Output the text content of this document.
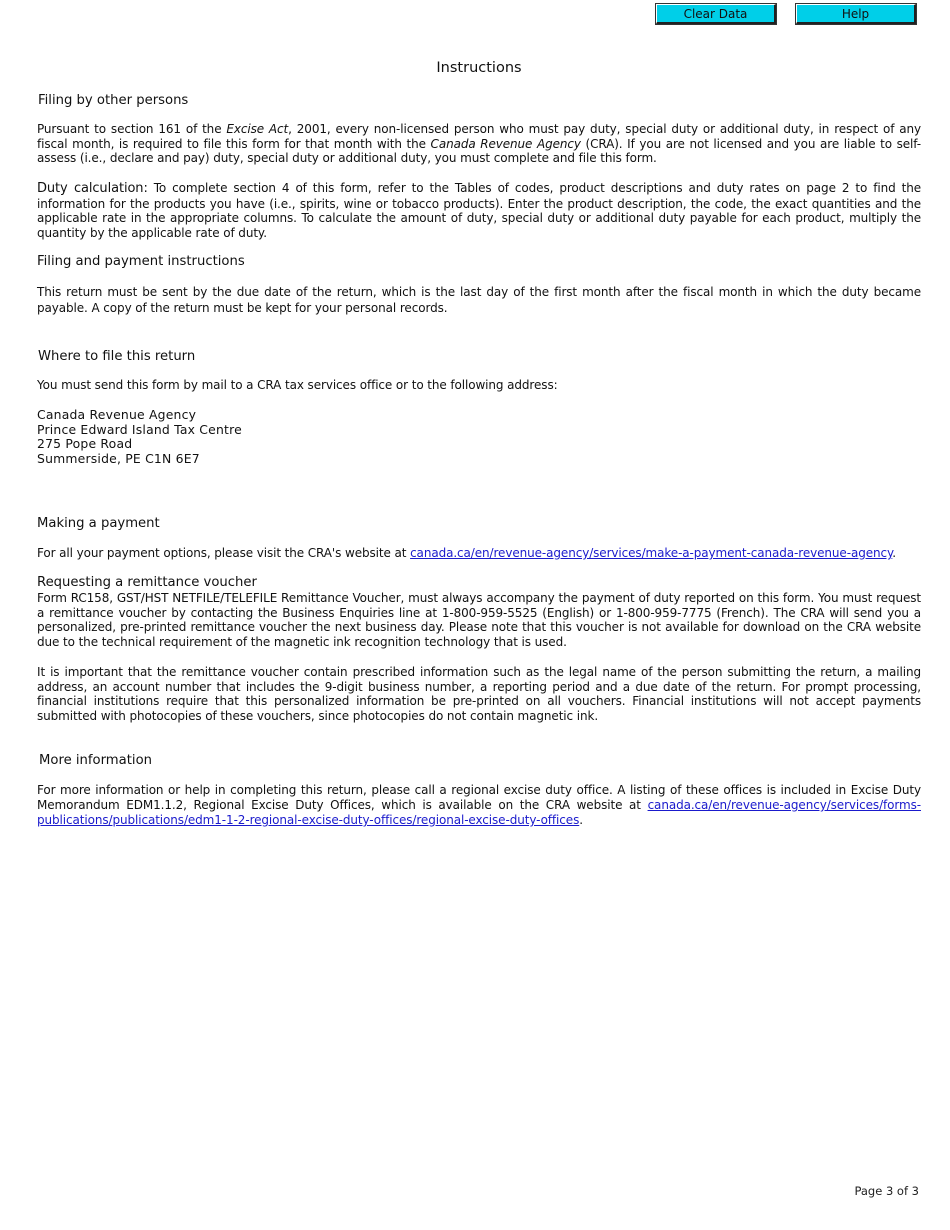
Clear Data	Help
Instructions
Filing by other persons

Pursuant to section 161 of the Excise Act, 2001, every non-licensed person who must pay duty, special duty or additional duty, in respect of any fiscal month, is required to file this form for that month with the Canada Revenue Agency (CRA). If you are not licensed and you are liable to self-assess (i.e., declare and pay) duty, special duty or additional duty, you must complete and file this form.

Duty calculation: To complete section 4 of this form, refer to the Tables of codes, product descriptions and duty rates on page 2 to find the information for the products you have (i.e., spirits, wine or tobacco products). Enter the product description, the code, the exact quantities and the applicable rate in the appropriate columns. To calculate the amount of duty, special duty or additional duty payable for each product, multiply the quantity by the applicable rate of duty.

Filing and payment instructions

This return must be sent by the due date of the return, which is the last day of the first month after the fiscal month in which the duty became payable. A copy of the return must be kept for your personal records.

Where to file this return

You must send this form by mail to a CRA tax services office or to the following address:

Canada Revenue Agency
Prince Edward Island Tax Centre
275 Pope Road
Summerside, PE C1N 6E7
Making a payment

For all your payment options, please visit the CRA's website at canada.ca/en/revenue-agency/services/make-a-payment-canada-revenue-agency.

Requesting a remittance voucher

Form RC158, GST/HST NETFILE/TELEFILE Remittance Voucher, must always accompany the payment of duty reported on this form. You must request a remittance voucher by contacting the Business Enquiries line at 1-800-959-5525 (English) or 1-800-959-7775 (French). The CRA will send you a personalized, pre-printed remittance voucher the next business day. Please note that this voucher is not available for download on the CRA website due to the technical requirement of the magnetic ink recognition technology that is used.

It is important that the remittance voucher contain prescribed information such as the legal name of the person submitting the return, a mailing address, an account number that includes the 9-digit business number, a reporting period and a due date of the return. For prompt processing, financial institutions require that this personalized information be pre-printed on all vouchers. Financial institutions will not accept payments submitted with photocopies of these vouchers, since photocopies do not contain magnetic ink.

More information

For more information or help in completing this return, please call a regional excise duty office. A listing of these offices is included in Excise Duty Memorandum EDM1.1.2, Regional Excise Duty Offices, which is available on the CRA website at canada.ca/en/revenue-agency/services/forms-publications/publications/edm1-1-2-regional-excise-duty-offices/regional-excise-duty-offices.

Page 3 of 3
